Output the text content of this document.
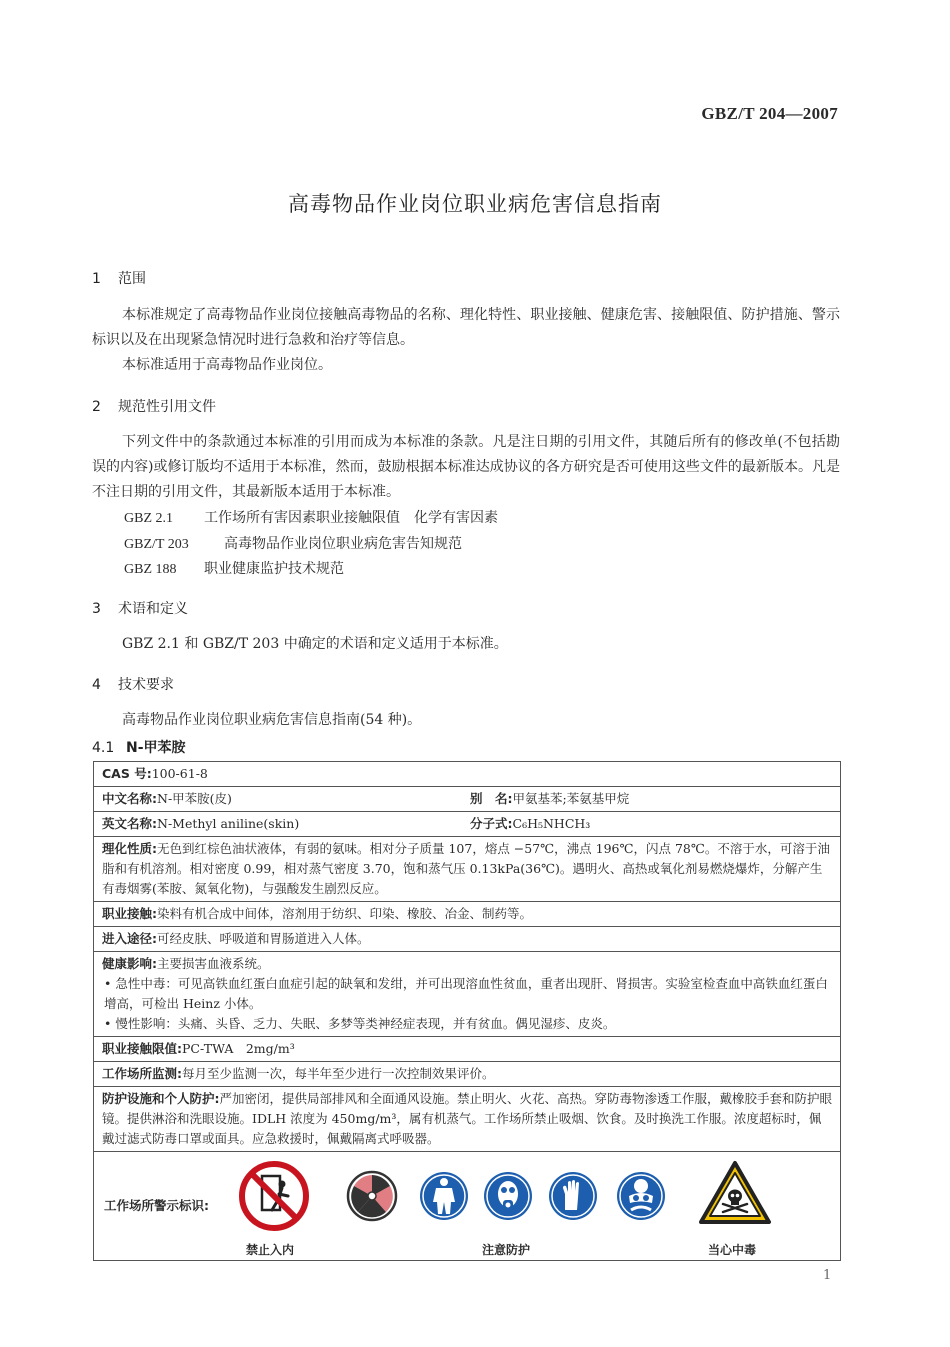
GBZ/T 204—2007
高毒物品作业岗位职业病危害信息指南
1 范围
本标准规定了高毒物品作业岗位接触高毒物品的名称、理化特性、职业接触、健康危害、接触限值、防护措施、警示标识以及在出现紧急情况时进行急救和治疗等信息。
本标准适用于高毒物品作业岗位。
2 规范性引用文件
下列文件中的条款通过本标准的引用而成为本标准的条款。凡是注日期的引用文件，其随后所有的修改单(不包括勘误的内容)或修订版均不适用于本标准，然而，鼓励根据本标准达成协议的各方研究是否可使用这些文件的最新版本。凡是不注日期的引用文件，其最新版本适用于本标准。
GBZ 2.1 工作场所有害因素职业接触限值　化学有害因素
GBZ/T 203	高毒物品作业岗位职业病危害告知规范
GBZ 188 职业健康监护技术规范
3 术语和定义
GBZ 2.1 和 GBZ/T 203 中确定的术语和定义适用于本标准。
4 技术要求
高毒物品作业岗位职业病危害信息指南(54 种)。
4.1 N-甲苯胺
CAS 号:100-61-8	
中文名称:N-甲苯胺(皮)	别　名:甲氨基苯;苯氨基甲烷
英文名称:N-Methyl aniline(skin)	分子式:C₆H₅NHCH₃
理化性质:无色到红棕色油状液体，有弱的氨味。相对分子质量 107，熔点 −57℃，沸点 196℃，闪点 78℃。不溶于水，可溶于油脂和有机溶剂。相对密度 0.99，相对蒸气密度 3.70，饱和蒸气压 0.13kPa(36℃)。遇明火、高热或氧化剂易燃烧爆炸，分解产生有毒烟雾(苯胺、氮氧化物)，与强酸发生剧烈反应。	
职业接触:染料有机合成中间体，溶剂用于纺织、印染、橡胶、冶金、制药等。	
进入途径:可经皮肤、呼吸道和胃肠道进入人体。	

健康影响:主要损害血液系统。
• 急性中毒：可见高铁血红蛋白血症引起的缺氧和发绀，并可出现溶血性贫血，重者出现肝、肾损害。实验室检查血中高铁血红蛋白增高，可检出 Heinz 小体。
• 慢性影响：头痛、头昏、乏力、失眠、多梦等类神经症表现，并有贫血。偶见湿疹、皮炎。	

职业接触限值:PC-TWA　2mg/m³	
工作场所监测:每月至少监测一次，每半年至少进行一次控制效果评价。	
防护设施和个人防护:严加密闭，提供局部排风和全面通风设施。禁止明火、火花、高热。穿防毒物渗透工作服，戴橡胶手套和防护眼镜。提供淋浴和洗眼设施。IDLH 浓度为 450mg/m³，属有机蒸气。工作场所禁止吸烟、饮食。及时换洗工作服。浓度超标时，佩戴过滤式防毒口罩或面具。应急救援时，佩戴隔离式呼吸器。	

工作场所警示标识:
禁止入内 注意防护 当心中毒	
1
